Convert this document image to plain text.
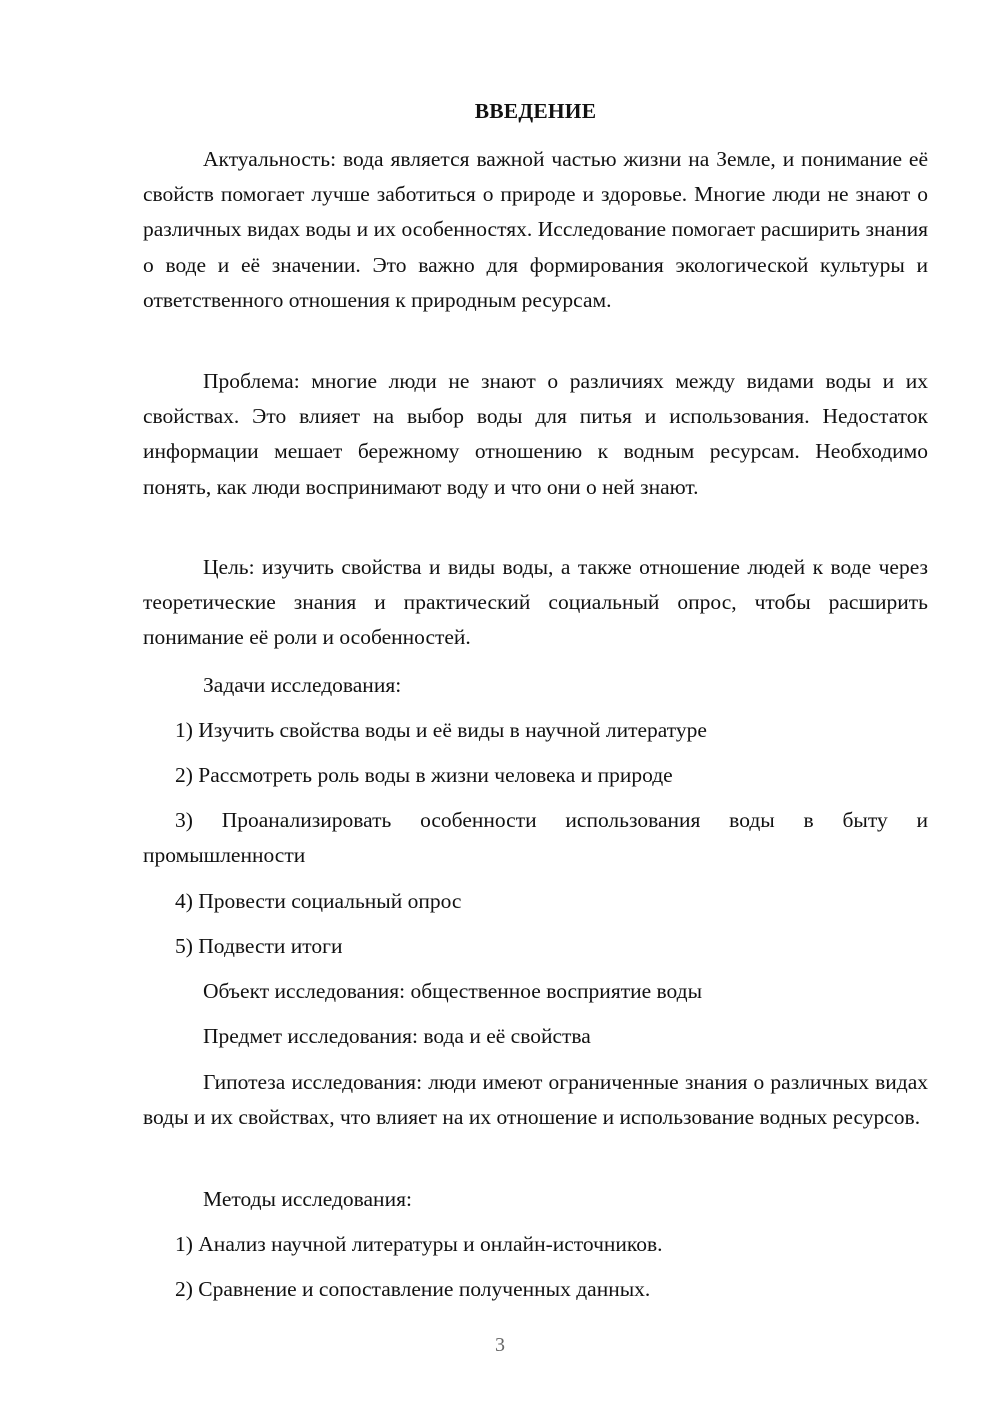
ВВЕДЕНИЕ

Актуальность: вода является важной частью жизни на Земле, и понимание её свойств помогает лучше заботиться о природе и здоровье. Многие люди не знают о различных видах воды и их особенностях. Исследование помогает расширить знания о воде и её значении. Это важно для формирования экологической культуры и ответственного отношения к природным ресурсам.

Проблема: многие люди не знают о различиях между видами воды и их свойствах. Это влияет на выбор воды для питья и использования. Недостаток информации мешает бережному отношению к водным ресурсам. Необходимо понять, как люди воспринимают воду и что они о ней знают.

Цель: изучить свойства и виды воды, а также отношение людей к воде через теоретические знания и практический социальный опрос, чтобы расширить понимание её роли и особенностей.

Задачи исследования:

1) Изучить свойства воды и её виды в научной литературе

2) Рассмотреть роль воды в жизни человека и природе

3) Проанализировать особенности использования воды в быту и промышленности

4) Провести социальный опрос

5) Подвести итоги

Объект исследования: общественное восприятие воды

Предмет исследования: вода и её свойства

Гипотеза исследования: люди имеют ограниченные знания о различных видах воды и их свойствах, что влияет на их отношение и использование водных ресурсов.

Методы исследования:

1) Анализ научной литературы и онлайн-источников.

2) Сравнение и сопоставление полученных данных.

3
